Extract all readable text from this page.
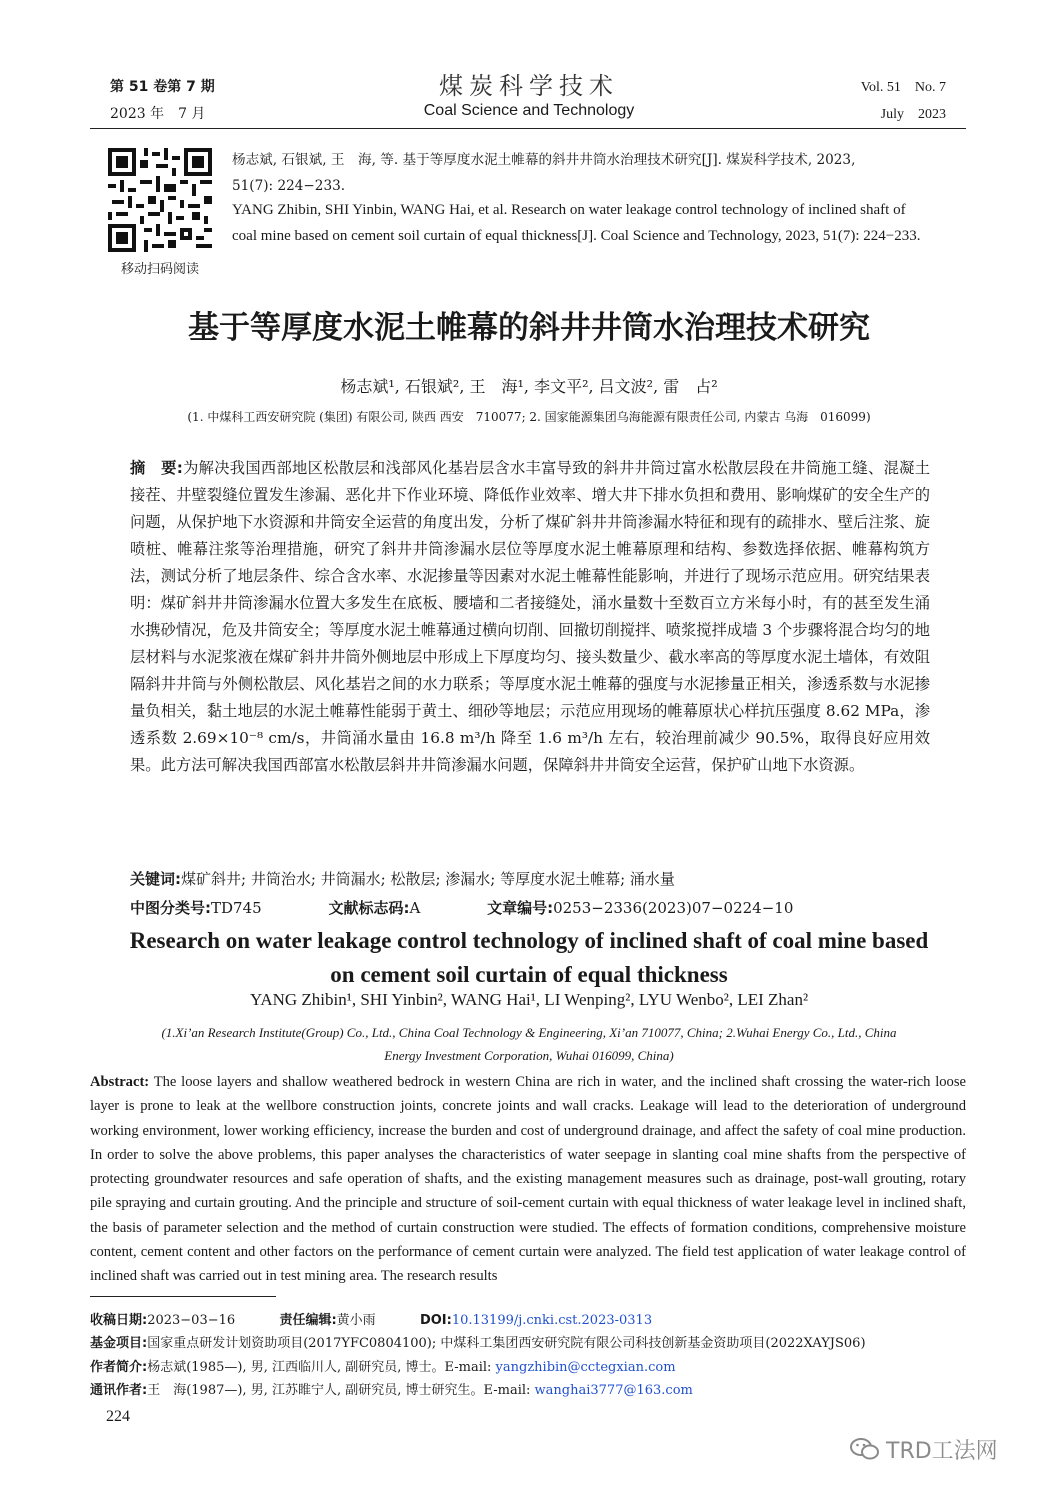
第 51 卷第 7 期
2023 年　7 月
煤炭科学技术
Coal Science and Technology
Vol. 51　No. 7
July　2023
移动扫码阅读
杨志斌, 石银斌, 王　海, 等. 基于等厚度水泥土帷幕的斜井井筒水治理技术研究[J]. 煤炭科学技术, 2023,
51(7): 224−233.
YANG Zhibin, SHI Yinbin, WANG Hai, et al. Research on water leakage control technology of inclined shaft of
coal mine based on cement soil curtain of equal thickness[J]. Coal Science and Technology, 2023, 51(7): 224−233.
基于等厚度水泥土帷幕的斜井井筒水治理技术研究
杨志斌¹, 石银斌², 王　海¹, 李文平², 吕文波², 雷　占²
(1. 中煤科工西安研究院 (集团) 有限公司, 陕西 西安　710077; 2. 国家能源集团乌海能源有限责任公司, 内蒙古 乌海　016099)
摘　要:为解决我国西部地区松散层和浅部风化基岩层含水丰富导致的斜井井筒过富水松散层段在井筒施工缝、混凝土接茬、井壁裂缝位置发生渗漏、恶化井下作业环境、降低作业效率、增大井下排水负担和费用、影响煤矿的安全生产的问题，从保护地下水资源和井筒安全运营的角度出发，分析了煤矿斜井井筒渗漏水特征和现有的疏排水、壁后注浆、旋喷桩、帷幕注浆等治理措施，研究了斜井井筒渗漏水层位等厚度水泥土帷幕原理和结构、参数选择依据、帷幕构筑方法，测试分析了地层条件、综合含水率、水泥掺量等因素对水泥土帷幕性能影响，并进行了现场示范应用。研究结果表明：煤矿斜井井筒渗漏水位置大多发生在底板、腰墙和二者接缝处，涌水量数十至数百立方米每小时，有的甚至发生涌水携砂情况，危及井筒安全；等厚度水泥土帷幕通过横向切削、回撤切削搅拌、喷浆搅拌成墙 3 个步骤将混合均匀的地层材料与水泥浆液在煤矿斜井井筒外侧地层中形成上下厚度均匀、接头数量少、截水率高的等厚度水泥土墙体，有效阻隔斜井井筒与外侧松散层、风化基岩之间的水力联系；等厚度水泥土帷幕的强度与水泥掺量正相关，渗透系数与水泥掺量负相关，黏土地层的水泥土帷幕性能弱于黄土、细砂等地层；示范应用现场的帷幕原状心样抗压强度 8.62 MPa，渗透系数 2.69×10⁻⁸ cm/s，井筒涌水量由 16.8 m³/h 降至 1.6 m³/h 左右，较治理前减少 90.5%，取得良好应用效果。此方法可解决我国西部富水松散层斜井井筒渗漏水问题，保障斜井井筒安全运营，保护矿山地下水资源。
关键词:煤矿斜井; 井筒治水; 井筒漏水; 松散层; 渗漏水; 等厚度水泥土帷幕; 涌水量
中图分类号:TD745	文献标志码:A	文章编号:0253−2336(2023)07−0224−10
Research on water leakage control technology of inclined shaft of coal mine based
on cement soil curtain of equal thickness
YANG Zhibin¹, SHI Yinbin², WANG Hai¹, LI Wenping², LYU Wenbo², LEI Zhan²
(1.Xi’an Research Institute(Group) Co., Ltd., China Coal Technology & Engineering, Xi’an 710077, China; 2.Wuhai Energy Co., Ltd., China
Energy Investment Corporation, Wuhai 016099, China)
Abstract: The loose layers and shallow weathered bedrock in western China are rich in water, and the inclined shaft crossing the water-rich loose layer is prone to leak at the wellbore construction joints, concrete joints and wall cracks. Leakage will lead to the deterioration of underground working environment, lower working efficiency, increase the burden and cost of underground drainage, and affect the safety of coal mine production. In order to solve the above problems, this paper analyses the characteristics of water seepage in slanting coal mine shafts from the perspective of protecting groundwater resources and safe operation of shafts, and the existing management measures such as drainage, post-wall grouting, rotary pile spraying and curtain grouting. And the principle and structure of soil-cement curtain with equal thickness of water leakage level in inclined shaft, the basis of parameter selection and the method of curtain construction were studied. The effects of formation conditions, comprehensive moisture content, cement content and other factors on the performance of cement curtain were analyzed. The field test application of water leakage control of inclined shaft was carried out in test mining area. The research results
收稿日期:2023−03−16	责任编辑:黄小雨	DOI:10.13199/j.cnki.cst.2023-0313
基金项目:国家重点研发计划资助项目(2017YFC0804100); 中煤科工集团西安研究院有限公司科技创新基金资助项目(2022XAYJS06)
作者简介:杨志斌(1985—), 男, 江西临川人, 副研究员, 博士。E-mail: yangzhibin@cctegxian.com
通讯作者:王　海(1987—), 男, 江苏睢宁人, 副研究员, 博士研究生。E-mail: wanghai3777@163.com
224
TRD工法网
